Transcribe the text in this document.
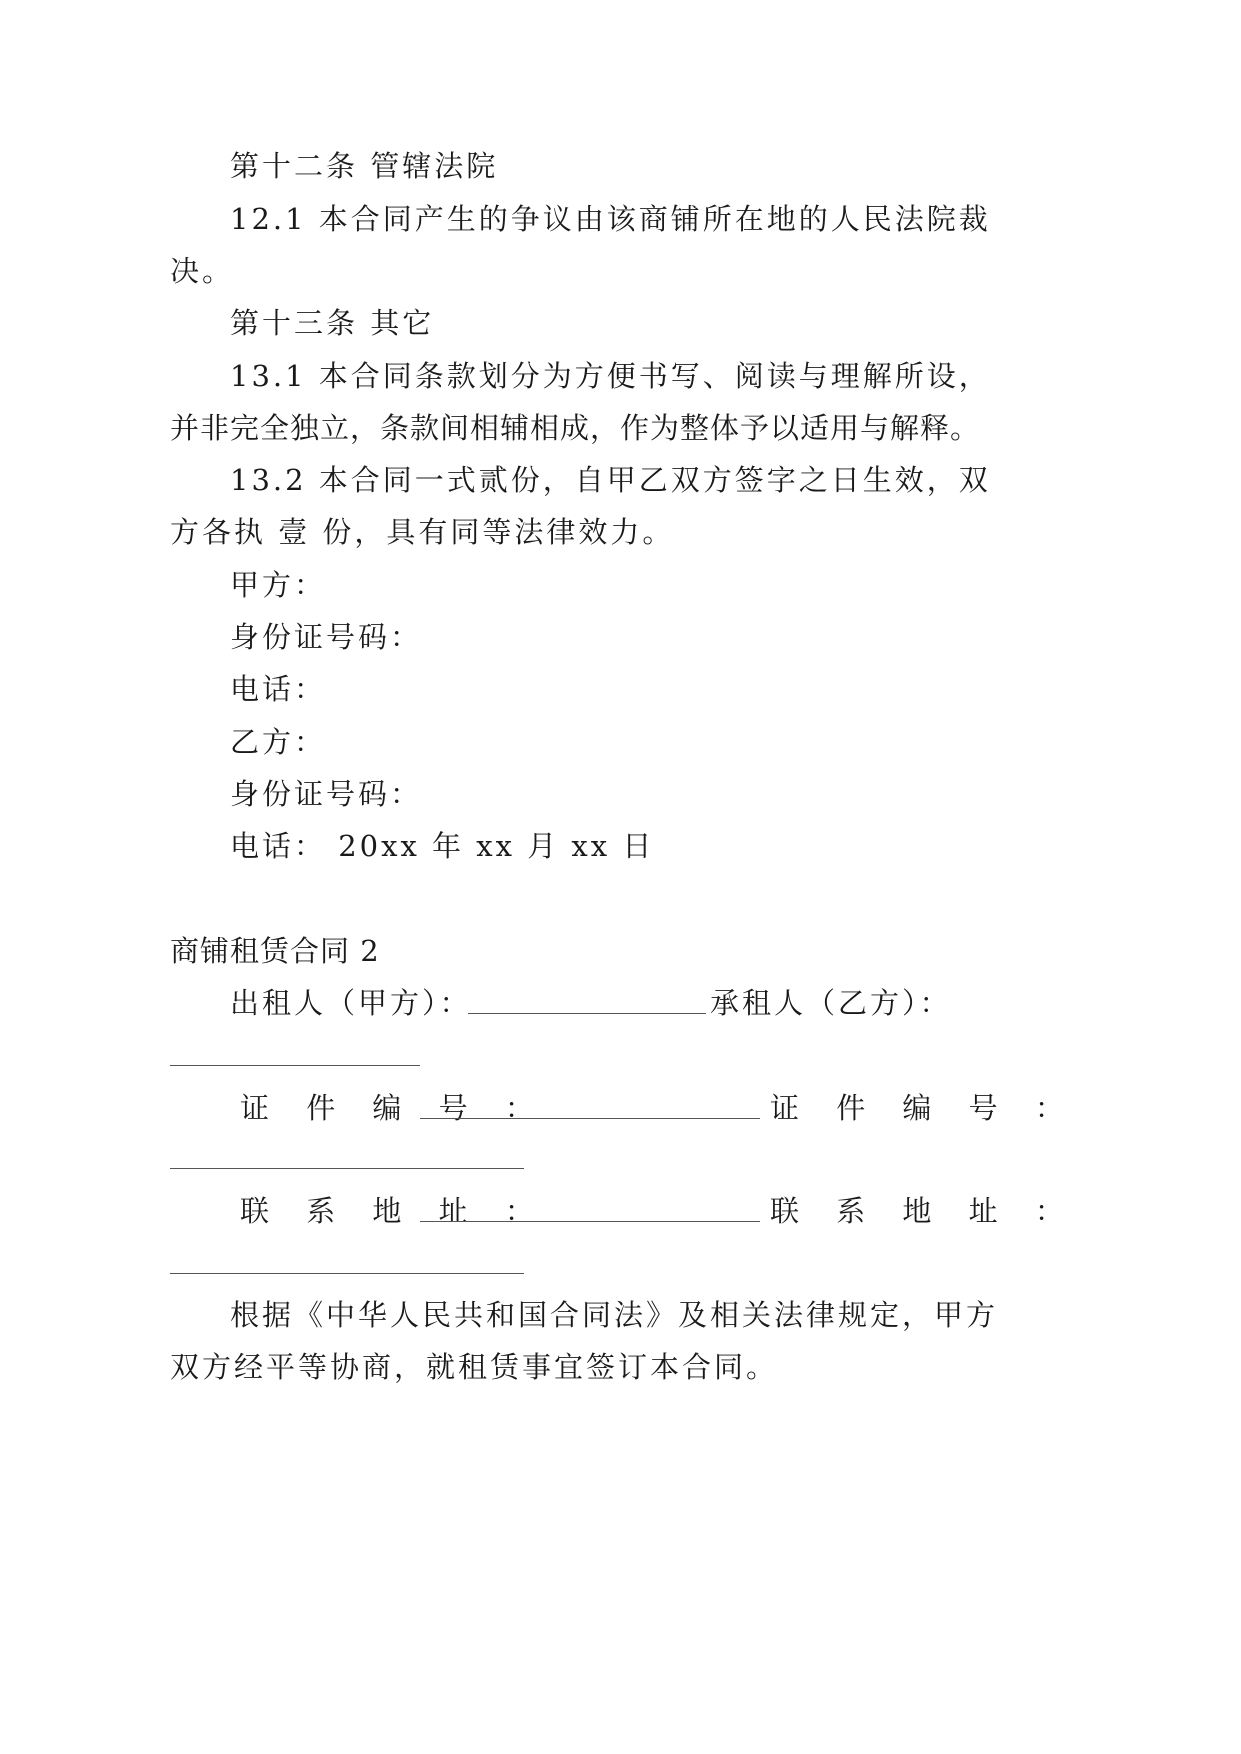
第十二条 管辖法院
12.1 本合同产生的争议由该商铺所在地的人民法院裁
决。
第十三条 其它
13.1 本合同条款划分为方便书写、阅读与理解所设，
并非完全独立，条款间相辅相成，作为整体予以适用与解释。
13.2 本合同一式贰份，自甲乙双方签字之日生效，双
方各执 壹 份，具有同等法律效力。
甲方：
身份证号码：
电话：
乙方：
身份证号码：
电话： 20xx 年 xx 月 xx 日
商铺租赁合同 2
出租人（甲方）：	承租人（乙方）：
证 件 编 号 ：	证 件 编 号 ：
联 系 地 址 ：	联 系 地 址 ：
根据《中华人民共和国合同法》及相关法律规定，甲方
双方经平等协商，就租赁事宜签订本合同。
